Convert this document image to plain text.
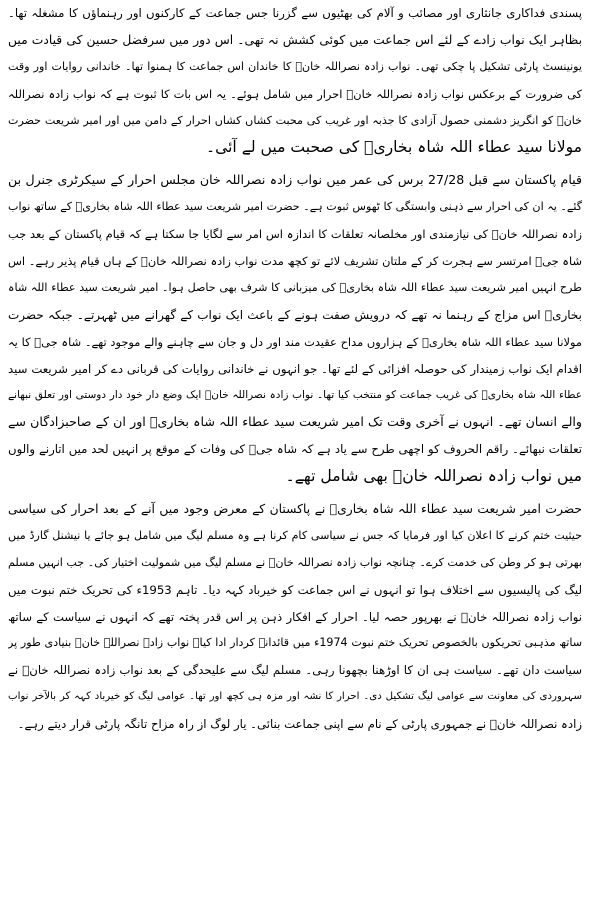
پسندی فداکاری جانثاری اور مصائب و آلام کی بھٹیوں سے گزرنا جس جماعت کے کارکنوں اور رہنماؤں کا مشغلہ تھا۔
بظاہر ایک نواب زادے کے لئے اس جماعت میں کوئی کشش نہ تھی۔ اس دور میں سرفضل حسین کی قیادت میں
یونینسٹ پارٹی تشکیل پا چکی تھی۔ نواب زادہ نصراللہ خانؒ کا خاندان اس جماعت کا ہمنوا تھا۔ خاندانی روایات اور وقت
کی ضرورت کے برعکس نواب زادہ نصراللہ خانؒ احرار میں شامل ہوئے۔ یہ اس بات کا ثبوت ہے کہ نواب زادہ نصراللہ
خانؒ کو انگریز دشمنی حصول آزادی کا جذبہ اور غریب کی محبت کشاں کشاں احرار کے دامن میں اور امیر شریعت حضرت
مولانا سید عطاء اللہ شاہ بخاریؒ کی صحبت میں لے آئی۔
قیام پاکستان سے قبل 27/28 برس کی عمر میں نواب زادہ نصراللہ خان مجلس احرار کے سیکرٹری جنرل بن
گئے۔ یہ ان کی احرار سے ذہنی وابستگی کا ٹھوس ثبوت ہے۔ حضرت امیر شریعت سید عطاء اللہ شاہ بخاریؒ کے ساتھ نواب
زادہ نصراللہ خانؒ کی نیازمندی اور مخلصانہ تعلقات کا اندازہ اس امر سے لگایا جا سکتا ہے کہ قیام پاکستان کے بعد جب
شاہ جیؒ امرتسر سے ہجرت کر کے ملتان تشریف لائے تو کچھ مدت نواب زادہ نصراللہ خانؒ کے ہاں قیام پذیر رہے۔ اس
طرح انہیں امیر شریعت سید عطاء اللہ شاہ بخاریؒ کی میزبانی کا شرف بھی حاصل ہوا۔ امیر شریعت سید عطاء اللہ شاہ
بخاریؒ اس مزاج کے رہنما نہ تھے کہ درویش صفت ہونے کے باعث ایک نواب کے گھرانے میں ٹھہرتے۔ جبکہ حضرت
مولانا سید عطاء اللہ شاہ بخاریؒ کے ہزاروں مداح عقیدت مند اور دل و جان سے چاہنے والے موجود تھے۔ شاہ جیؒ کا یہ
اقدام ایک نواب زمیندار کی حوصلہ افزائی کے لئے تھا۔ جو انہوں نے خاندانی روایات کی قربانی دے کر امیر شریعت سید
عطاء اللہ شاہ بخاریؒ کی غریب جماعت کو منتخب کیا تھا۔ نواب زادہ نصراللہ خانؒ ایک وضع دار خود دار دوستی اور تعلق نبھانے
والے انسان تھے۔ انہوں نے آخری وقت تک امیر شریعت سید عطاء اللہ شاہ بخاریؒ اور ان کے صاحبزادگان سے
تعلقات نبھائے۔ راقم الحروف کو اچھی طرح سے یاد ہے کہ شاہ جیؒ کی وفات کے موقع پر انہیں لحد میں اتارنے والوں
میں نواب زادہ نصراللہ خانؒ بھی شامل تھے۔
حضرت امیر شریعت سید عطاء اللہ شاہ بخاریؒ نے پاکستان کے معرض وجود میں آنے کے بعد احرار کی سیاسی
حیثیت ختم کرنے کا اعلان کیا اور فرمایا کہ جس نے سیاسی کام کرنا ہے وہ مسلم لیگ میں شامل ہو جائے یا نیشنل گارڈ میں
بھرتی ہو کر وطن کی خدمت کرے۔ چنانچہ نواب زادہ نصراللہ خانؒ نے مسلم لیگ میں شمولیت اختیار کی۔ جب انہیں مسلم
لیگ کی پالیسیوں سے اختلاف ہوا تو انہوں نے اس جماعت کو خیرباد کہہ دیا۔ تاہم 1953ء کی تحریک ختم نبوت میں
نواب زادہ نصراللہ خانؒ نے بھرپور حصہ لیا۔ احرار کے افکار ذہن پر اس قدر پختہ تھے کہ انہوں نے سیاست کے ساتھ
ساتھ مذہبی تحریکوں بالخصوص تحریک ختم نبوت 1974ء میں قائدانہ کردار ادا کیا۔ نواب زادہ نصراللہ خانؒ بنیادی طور پر
سیاست دان تھے۔ سیاست ہی ان کا اوڑھنا بچھونا رہی۔ مسلم لیگ سے علیحدگی کے بعد نواب زادہ نصراللہ خانؒ نے
سہروردی کی معاونت سے عوامی لیگ تشکیل دی۔ احرار کا نشہ اور مزہ ہی کچھ اور تھا۔ عوامی لیگ کو خیرباد کہہ کر بالآخر نواب
زادہ نصراللہ خانؒ نے جمہوری پارٹی کے نام سے اپنی جماعت بنائی۔ یار لوگ از راہ مزاح تانگہ پارٹی قرار دیتے رہے۔
